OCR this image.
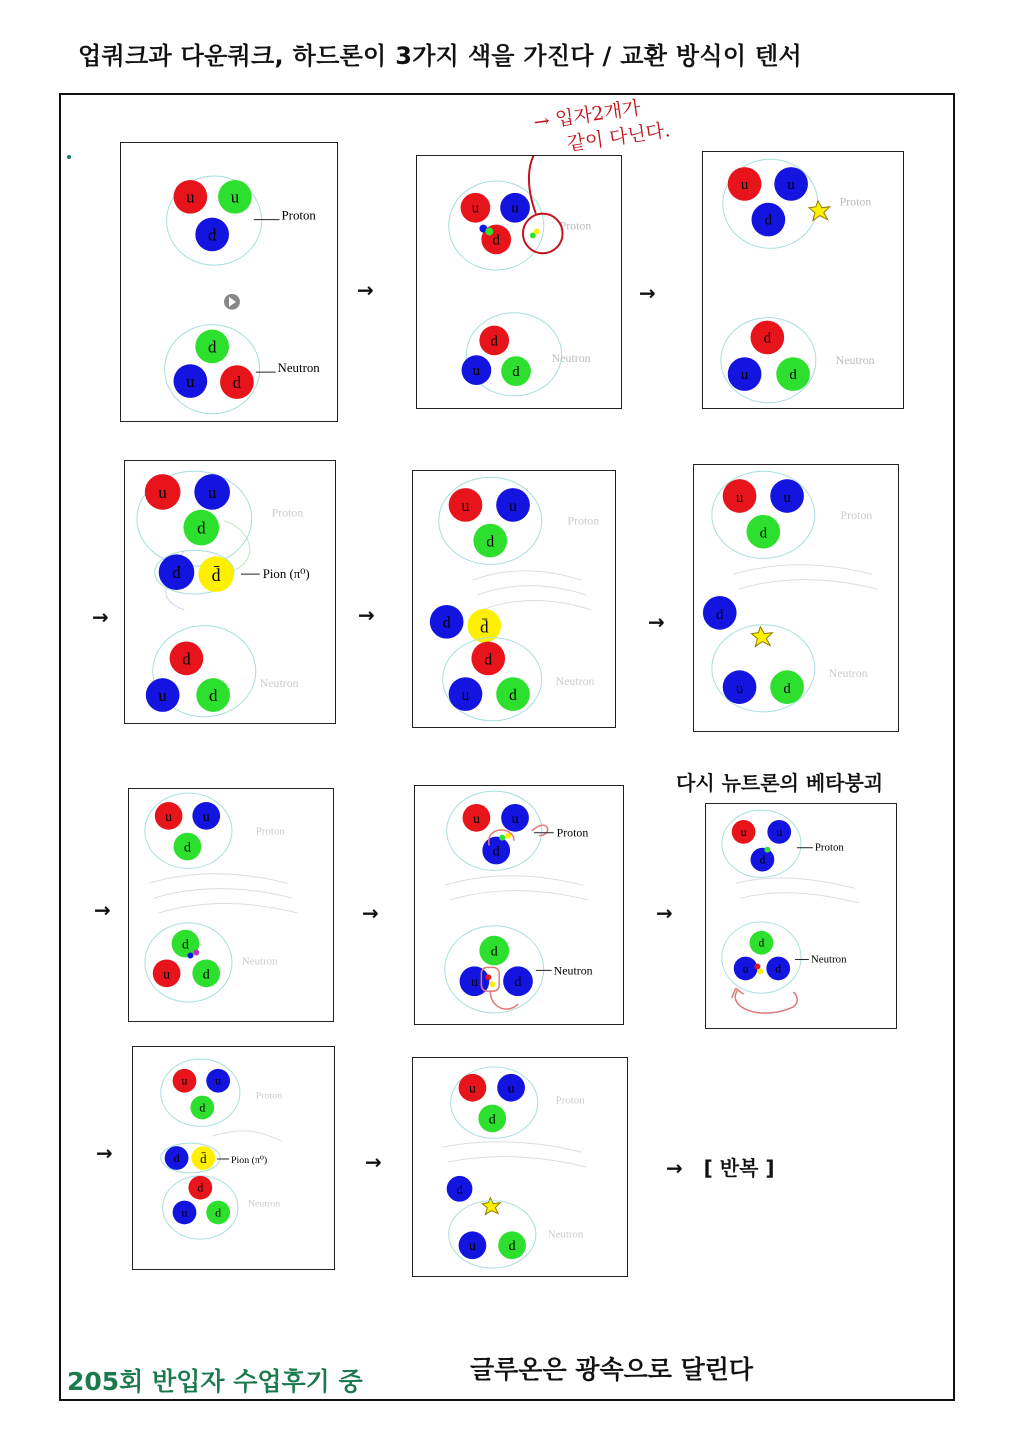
업쿼크과 다운쿼크, 하드론이 3가지 색을 가진다 / 교환 방식이 텐서
u u
d
Proton
d
u d
Neutron
→
u u
d
Proton
d
u d
Neutron
→ 입자2개가
같이 다닌다.
→
u	u
d
Proton
d
u	d
Neutron
→
u u
d
Proton
d d̄	Pion (π⁰)
d
u d
Neutron
→
u u
d
Proton
d d̄
d
u d
Neutron
→
u	u
d
Proton
d
u	d
Neutron
다시 뉴트론의 베타붕괴
→
u u
d
Proton
d
u d
Neutron
→
u u
d
Proton
d
u	d
Neutron
→
u u
d
Proton
d
u d
Neutron
→
u u
d
Proton
d d̄ Pion (π⁰)
d
u d
Neutron
→
u u
d
Proton
d
u d
Neutron
→ [ 반복 ]
205회 반입자 수업후기 중	글루온은 광속으로 달린다
